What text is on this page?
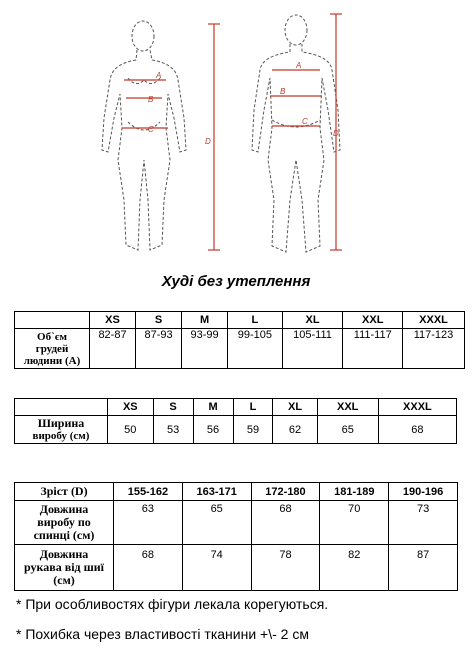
A
B
C
D
A
B
C
D
Худі без утеплення
	XS	S	M	L	XL	XXL	XXXL

Об`єм
грудей
людини (А)	82-87	87-93	93-99	99-105	105-111	111-117	117-123
	XS	S	M	L	XL	XXL	XXXL

Ширина
виробу (см)	50	53	56	59	62	65	68
Зріст (D)	155-162	163-171	172-180	181-189	190-196

Довжина
виробу по
спинці (см)	63	65	68	70	73

Довжина
рукава від шиї
(см)	68	74	78	82	87
* При особливостях фігури лекала корегуються.
* Похибка через властивості тканини +\- 2 см
